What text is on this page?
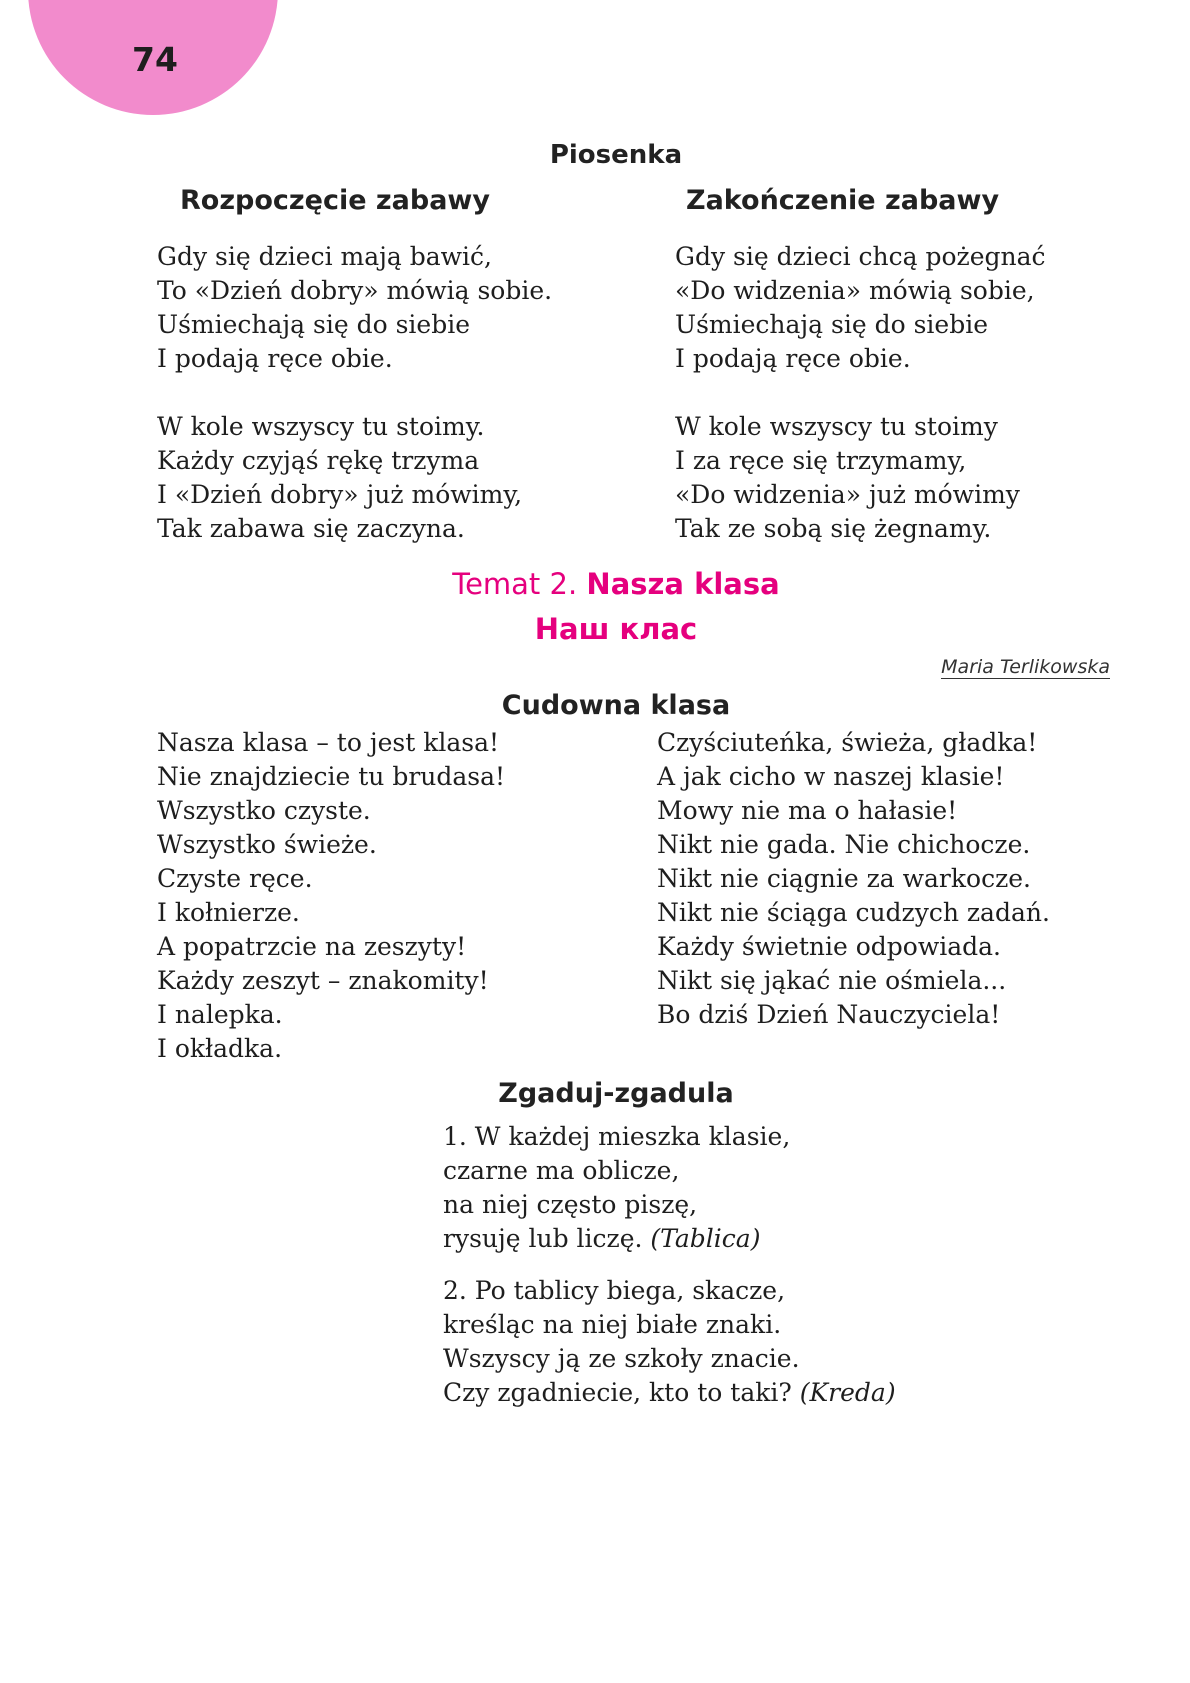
74
Piosenka
Rozpoczęcie zabawy	Zakończenie zabawy
Gdy się dzieci mają bawić,
To «Dzień dobry» mówią sobie.
Uśmiechają się do siebie
I podają ręce obie.
W kole wszyscy tu stoimy.
Każdy czyjąś rękę trzyma
I «Dzień dobry» już mówimy,
Tak zabawa się zaczyna.
Gdy się dzieci chcą pożegnać
«Do widzenia» mówią sobie,
Uśmiechają się do siebie
I podają ręce obie.
W kole wszyscy tu stoimy
I za ręce się trzymamy,
«Do widzenia» już mówimy
Tak ze sobą się żegnamy.
Temat 2. Nasza klasa
Наш клас
Maria Terlikowska
Cudowna klasa
Nasza klasa – to jest klasa!
Nie znajdziecie tu brudasa!
Wszystko czyste.
Wszystko świeże.
Czyste ręce.
I kołnierze.
A popatrzcie na zeszyty!
Każdy zeszyt – znakomity!
I nalepka.
I okładka.
Czyściuteńka, świeża, gładka!
A jak cicho w naszej klasie!
Mowy nie ma o hałasie!
Nikt nie gada. Nie chichocze.
Nikt nie ciągnie za warkocze.
Nikt nie ściąga cudzych zadań.
Każdy świetnie odpowiada.
Nikt się jąkać nie ośmiela...
Bo dziś Dzień Nauczyciela!
Zgaduj-zgadula
1. W każdej mieszka klasie,
czarne ma oblicze,
na niej często piszę,
rysuję lub liczę. (Tablica)
2. Po tablicy biega, skacze,
kreśląc na niej białe znaki.
Wszyscy ją ze szkoły znacie.
Czy zgadniecie, kto to taki? (Kreda)
